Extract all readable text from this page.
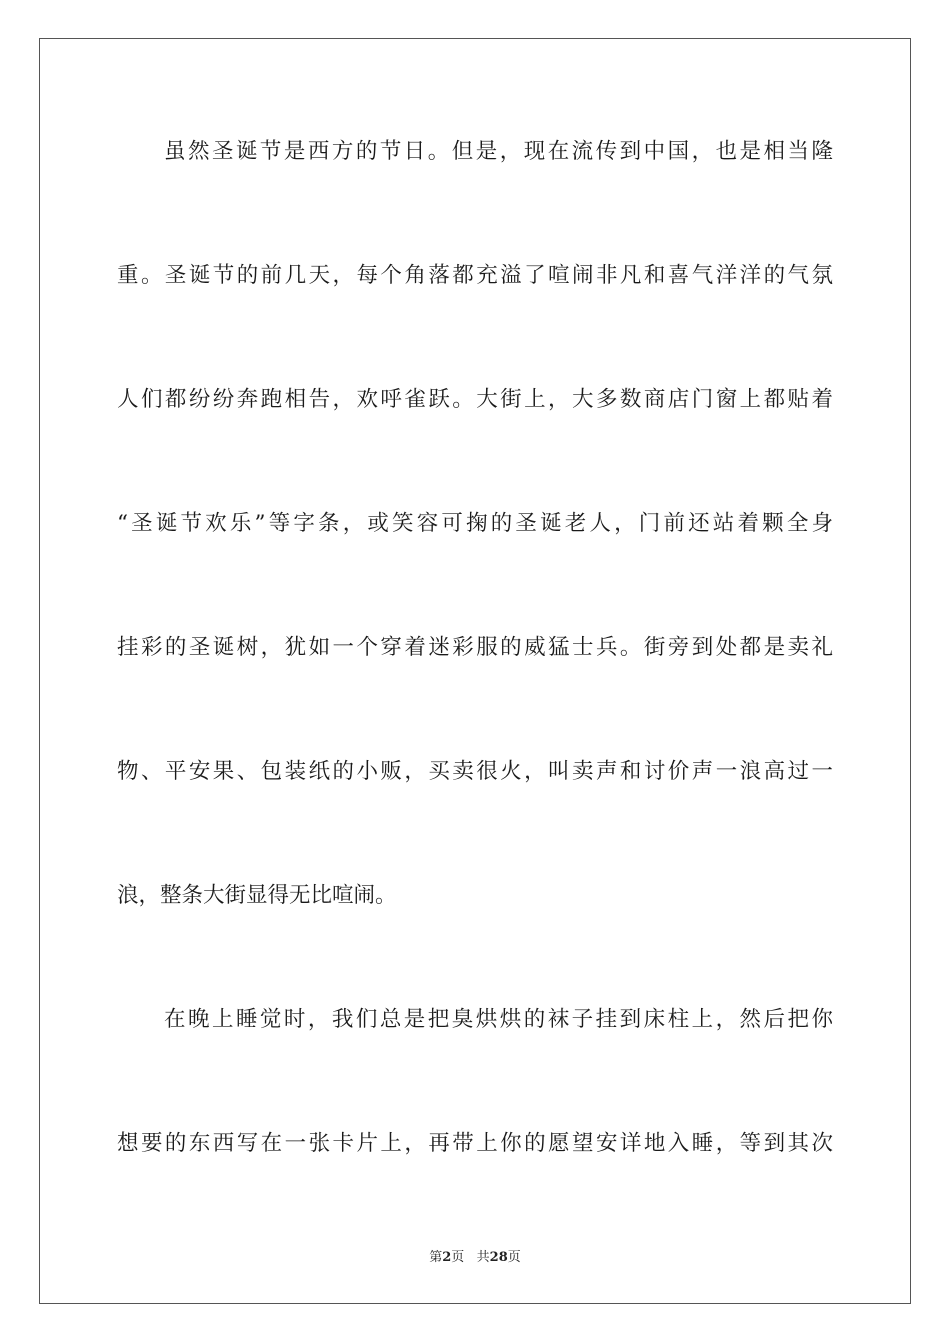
虽然圣诞节是西方的节日。但是，现在流传到中国，也是相当隆
重。圣诞节的前几天，每个角落都充溢了喧闹非凡和喜气洋洋的气氛
人们都纷纷奔跑相告，欢呼雀跃。大街上，大多数商店门窗上都贴着
“圣诞节欢乐”等字条，或笑容可掬的圣诞老人，门前还站着颗全身
挂彩的圣诞树，犹如一个穿着迷彩服的威猛士兵。街旁到处都是卖礼
物、平安果、包装纸的小贩，买卖很火，叫卖声和讨价声一浪高过一
浪，整条大街显得无比喧闹。
在晚上睡觉时，我们总是把臭烘烘的袜子挂到床柱上，然后把你
想要的东西写在一张卡片上，再带上你的愿望安详地入睡，等到其次
第2页   共28页
